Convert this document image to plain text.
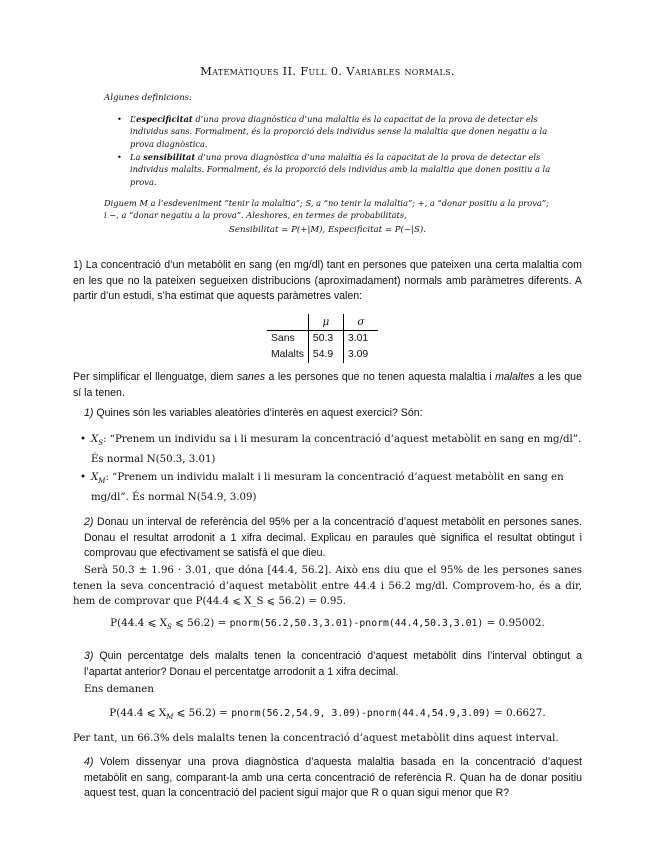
Matemàtiques II. Full 0. Variables normals.
Algunes definicions:
• L’especificitat d’una prova diagnòstica d’una malaltia és la capacitat de la prova de detectar els individus sans. Formalment, és la proporció dels individus sense la malaltia que donen negatiu a la prova diagnòstica.
• La sensibilitat d’una prova diagnòstica d’una malaltia és la capacitat de la prova de detectar els individus malalts. Formalment, és la proporció dels individus amb la malaltia que donen positiu a la prova.
Diguem M a l’esdeveniment “tenir la malaltia”; S, a “no tenir la malaltia”; +, a “donar positiu a la prova”; i −, a “donar negatiu a la prova”. Aleshores, en termes de probabilitats,
Sensibilitat = P(+|M), Especificitat = P(−|S).
1) La concentració d’un metabòlit en sang (en mg/dl) tant en persones que pateixen una certa malaltia com en les que no la pateixen segueixen distribucions (aproximadament) normals amb paràmetres diferents. A partir d’un estudi, s’ha estimat que aquests paràmetres valen:
	μ	σ
Sans	50.3	3.01
Malalts	54.9	3.09
Per simplificar el llenguatge, diem sanes a les persones que no tenen aquesta malaltia i malaltes a les que sí la tenen.
1) Quines són les variables aleatòries d’interès en aquest exercici? Són:
• $X_S$: “Prenem un individu sa i li mesuram la concentració d’aquest metabòlit en sang en mg/dl”. És normal N(50.3, 3.01)
• $X_M$: “Prenem un individu malalt i li mesuram la concentració d’aquest metabòlit en sang en mg/dl”. És normal N(54.9, 3.09)
2) Donau un interval de referència del 95% per a la concentració d’aquest metabòlit en persones sanes. Donau el resultat arrodonit a 1 xifra decimal. Explicau en paraules què significa el resultat obtingut i comprovau que efectivament se satisfà el que dieu.
Serà 50.3 ± 1.96 · 3.01, que dóna [44.4, 56.2]. Això ens diu que el 95% de les persones sanes tenen la seva concentració d’aquest metabòlit entre 44.4 i 56.2 mg/dl. Comprovem-ho, és a dir, hem de comprovar que P(44.4 ⩽ X_S ⩽ 56.2) = 0.95.
P(44.4 ⩽ $X_S$ ⩽ 56.2) = pnorm(56.2,50.3,3.01)-pnorm(44.4,50.3,3.01) = 0.95002.
3) Quin percentatge dels malalts tenen la concentració d’aquest metabòlit dins l’interval obtingut a l’apartat anterior? Donau el percentatge arrodonit a 1 xifra decimal.
Ens demanen
P(44.4 ⩽ $X_M$ ⩽ 56.2) = pnorm(56.2,54.9, 3.09)-pnorm(44.4,54.9,3.09) = 0.6627.
Per tant, un 66.3% dels malalts tenen la concentració d’aquest metabòlit dins aquest interval.
4) Volem dissenyar una prova diagnòstica d’aquesta malaltia basada en la concentració d’aquest metabòlit en sang, comparant-la amb una certa concentració de referència R. Quan ha de donar positiu aquest test, quan la concentració del pacient sigui major que R o quan sigui menor que R?
